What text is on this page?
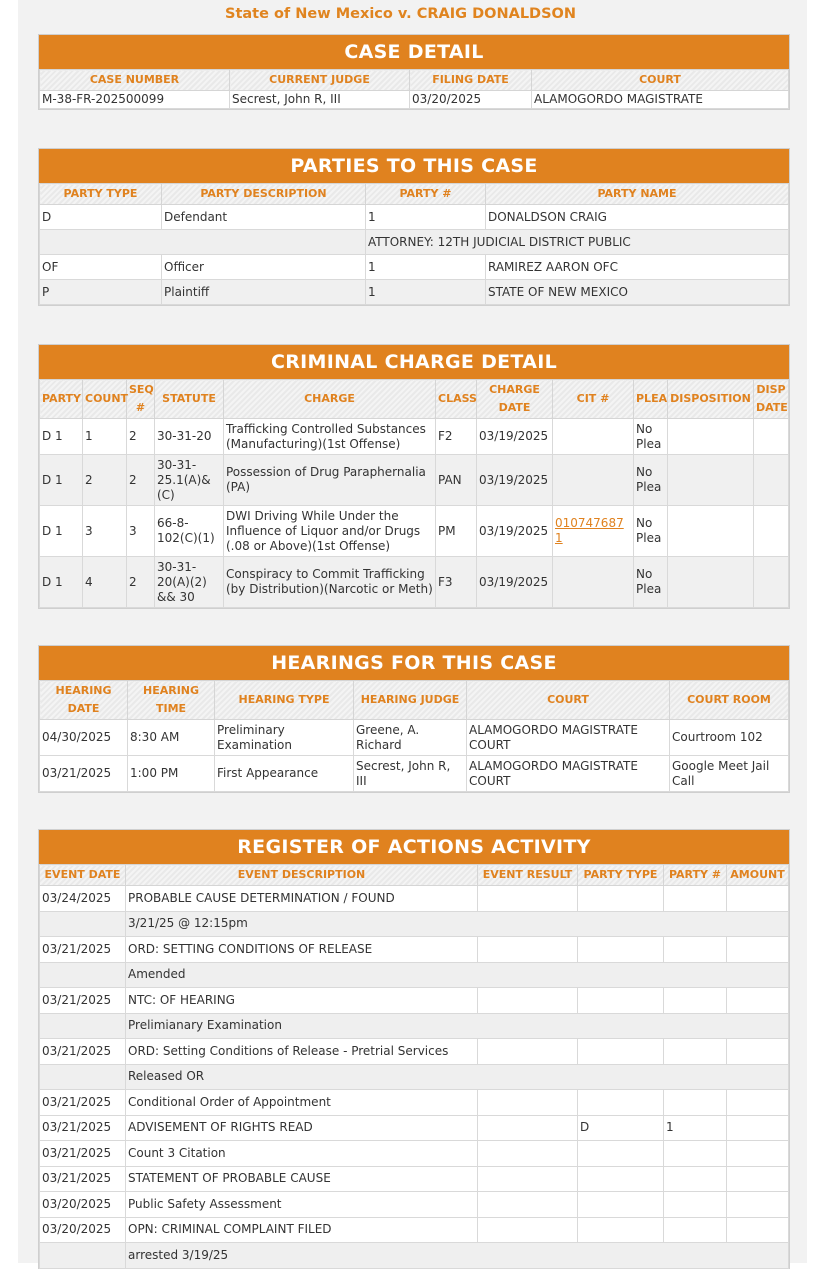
State of New Mexico v. CRAIG DONALDSON
CASE DETAIL
CASE NUMBER	CURRENT JUDGE	FILING DATE	COURT
M-38-FR-202500099	Secrest, John R, III	03/20/2025	ALAMOGORDO MAGISTRATE
PARTIES TO THIS CASE
PARTY TYPE	PARTY DESCRIPTION	PARTY #	PARTY NAME
D	Defendant	1	DONALDSON CRAIG
		ATTORNEY: 12TH JUDICIAL DISTRICT PUBLIC	
OF	Officer	1	RAMIREZ AARON OFC
P	Plaintiff	1	STATE OF NEW MEXICO
CRIMINAL CHARGE DETAIL
PARTY	COUNT	SEQ #	STATUTE	CHARGE	CLASS	CHARGE DATE	CIT #	PLEA	DISPOSITION	DISP DATE
D 1	1	2	30-31-20	Trafficking Controlled Substances (Manufacturing)(1st Offense)	F2	03/19/2025		No Plea		
D 1	2	2	30-31-25.1(A)&(C)	Possession of Drug Paraphernalia (PA)	PAN	03/19/2025		No Plea		
D 1	3	3	66-8-102(C)(1)	DWI Driving While Under the Influence of Liquor and/or Drugs (.08 or Above)(1st Offense)	PM	03/19/2025	0107476871	No Plea		
D 1	4	2	30-31-20(A)(2) && 30	Conspiracy to Commit Trafficking (by Distribution)(Narcotic or Meth)	F3	03/19/2025		No Plea		
HEARINGS FOR THIS CASE
HEARING DATE	HEARING TIME	HEARING TYPE	HEARING JUDGE	COURT	COURT ROOM
04/30/2025	8:30 AM	Preliminary Examination	Greene, A. Richard	ALAMOGORDO MAGISTRATE COURT	Courtroom 102
03/21/2025	1:00 PM	First Appearance	Secrest, John R, III	ALAMOGORDO MAGISTRATE COURT	Google Meet Jail Call
REGISTER OF ACTIONS ACTIVITY
EVENT DATE	EVENT DESCRIPTION	EVENT RESULT	PARTY TYPE	PARTY #	AMOUNT
03/24/2025	PROBABLE CAUSE DETERMINATION / FOUND				
	3/21/25 @ 12:15pm				
03/21/2025	ORD: SETTING CONDITIONS OF RELEASE				
	Amended				
03/21/2025	NTC: OF HEARING				
	Prelimianary Examination				
03/21/2025	ORD: Setting Conditions of Release - Pretrial Services				
	Released OR				
03/21/2025	Conditional Order of Appointment				
03/21/2025	ADVISEMENT OF RIGHTS READ		D	1	
03/21/2025	Count 3 Citation				
03/21/2025	STATEMENT OF PROBABLE CAUSE				
03/20/2025	Public Safety Assessment				
03/20/2025	OPN: CRIMINAL COMPLAINT FILED				
	arrested 3/19/25				
